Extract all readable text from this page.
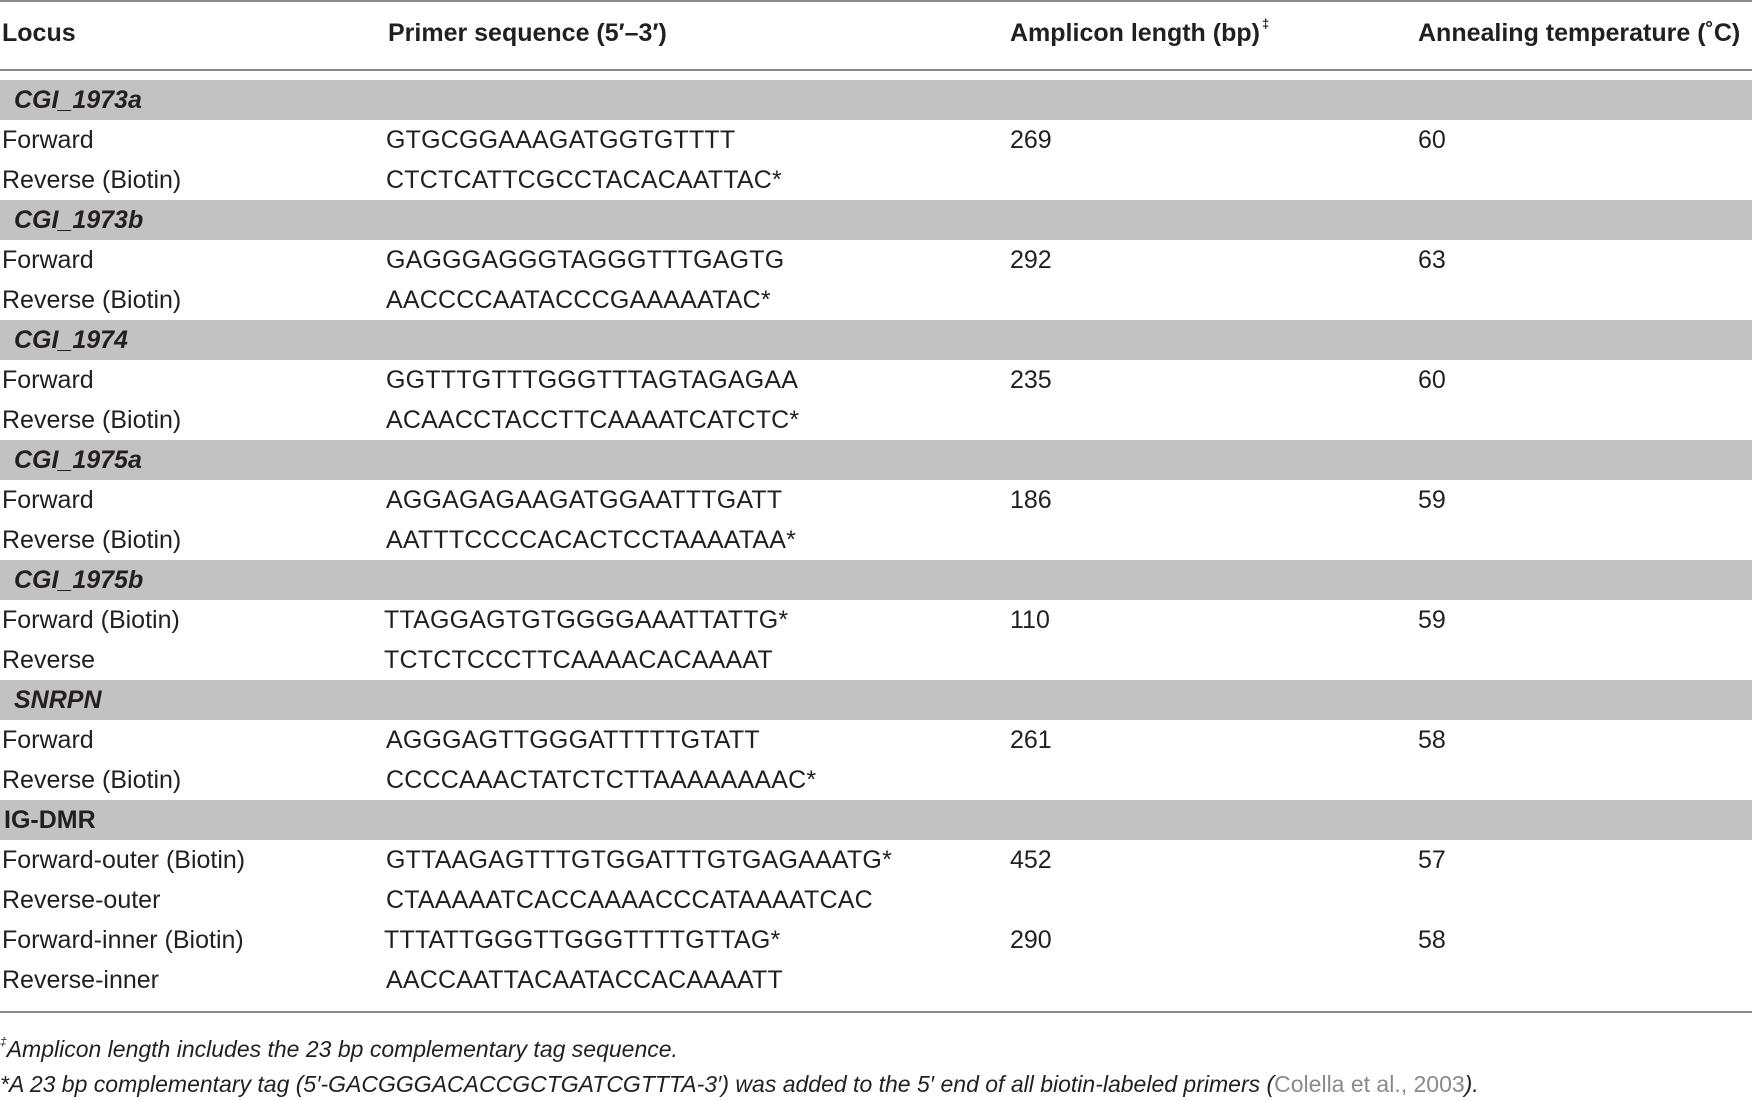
Locus	Primer sequence (5′–3′)	Amplicon length (bp) ‡	Annealing temperature (˚C)
CGI_1973a
Forward	GTGCGGAAAGATGGTGTTTT	269	60
Reverse (Biotin)	CTCTCATTCGCCTACACAATTAC*
CGI_1973b
Forward	GAGGGAGGGTAGGGTTTGAGTG	292	63
Reverse (Biotin)	AACCCCAATACCCGAAAAATAC*
CGI_1974
Forward	GGTTTGTTTGGGTTTAGTAGAGAA	235	60
Reverse (Biotin)	ACAACCTACCTTCAAAATCATCTC*
CGI_1975a
Forward	AGGAGAGAAGATGGAATTTGATT	186	59
Reverse (Biotin)	AATTTCCCCACACTCCTAAAATAA*
CGI_1975b
Forward (Biotin)	TTAGGAGTGTGGGGAAATTATTG*	110	59
Reverse	TCTCTCCCTTCAAAACACAAAAT
SNRPN
Forward	AGGGAGTTGGGATTTTTGTATT	261	58
Reverse (Biotin)	CCCCAAACTATCTCTTAAAAAAAAC*
IG-DMR
Forward-outer (Biotin)	GTTAAGAGTTTGTGGATTTGTGAGAAATG*	452	57
Reverse-outer	CTAAAAATCACCAAAACCCATAAAATCAC
Forward-inner (Biotin)	TTTATTGGGTTGGGTTTTGTTAG*	290	58
Reverse-inner	AACCAATTACAATACCACAAAATT
‡Amplicon length includes the 23 bp complementary tag sequence.
*A 23 bp complementary tag (5′-GACGGGACACCGCTGATCGTTTA-3′) was added to the 5′ end of all biotin-labeled primers (Colella et al., 2003).
